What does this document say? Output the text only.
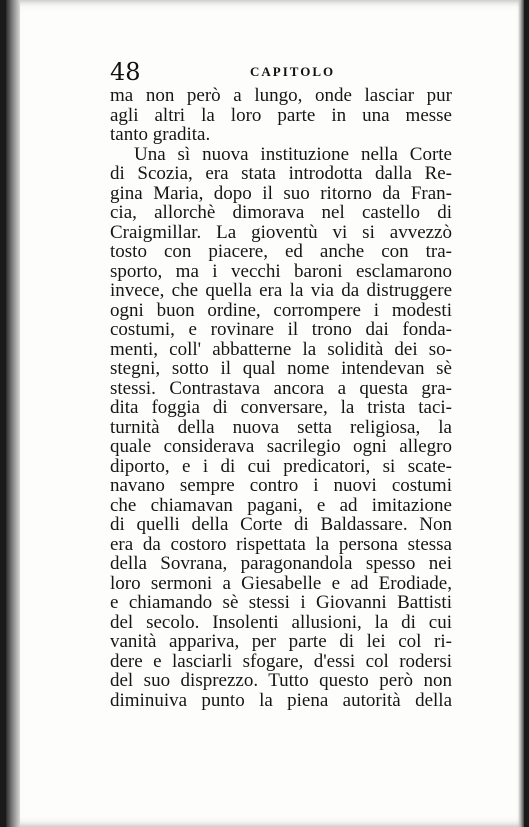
48	CAPITOLO
ma non però a lungo, onde lasciar pur
agli altri la loro parte in una messe
tanto gradita.
Una sì nuova instituzione nella Corte
di Scozia, era stata introdotta dalla Re-
gina Maria, dopo il suo ritorno da Fran-
cia, allorchè dimorava nel castello di
Craigmillar. La gioventù vi si avvezzò
tosto con piacere, ed anche con tra-
sporto, ma i vecchi baroni esclamarono
invece, che quella era la via da distruggere
ogni buon ordine, corrompere i modesti
costumi, e rovinare il trono dai fonda-
menti, coll' abbatterne la solidità dei so-
stegni, sotto il qual nome intendevan sè
stessi. Contrastava ancora a questa gra-
dita foggia di conversare, la trista taci-
turnità della nuova setta religiosa, la
quale considerava sacrilegio ogni allegro
diporto, e i di cui predicatori, si scate-
navano sempre contro i nuovi costumi
che chiamavan pagani, e ad imitazione
di quelli della Corte di Baldassare. Non
era da costoro rispettata la persona stessa
della Sovrana, paragonandola spesso nei
loro sermoni a Giesabelle e ad Erodiade,
e chiamando sè stessi i Giovanni Battisti
del secolo. Insolenti allusioni, la di cui
vanità appariva, per parte di lei col ri-
dere e lasciarli sfogare, d'essi col rodersi
del suo disprezzo. Tutto questo però non
diminuiva punto la piena autorità della
